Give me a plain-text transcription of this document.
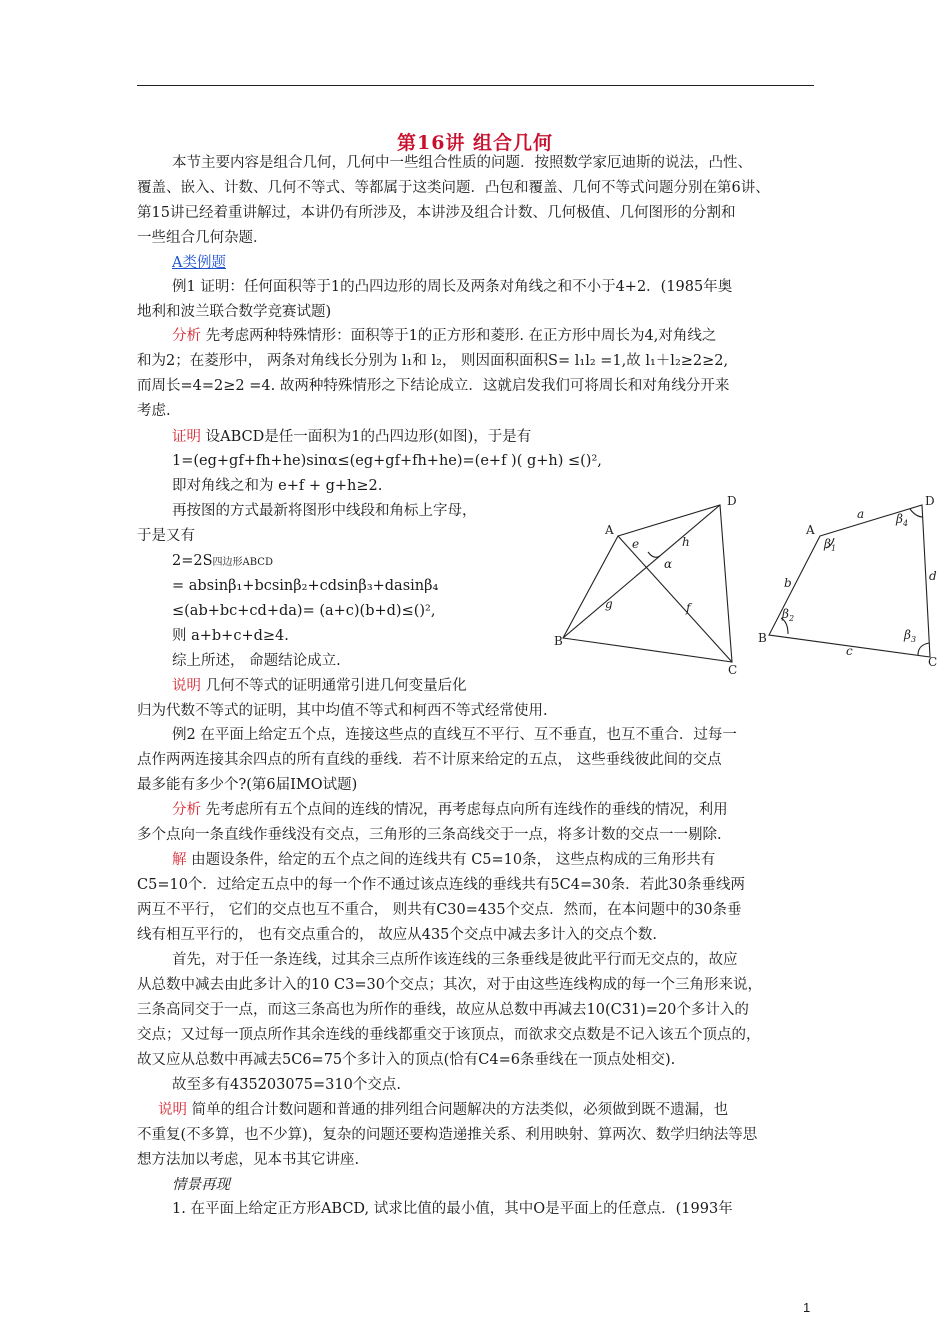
第16讲 组合几何
本节主要内容是组合几何，几何中一些组合性质的问题．按照数学家厄迪斯的说法，凸性、
覆盖、嵌入、计数、几何不等式、等都属于这类问题．凸包和覆盖、几何不等式问题分别在第6讲、
第15讲已经着重讲解过，本讲仍有所涉及，本讲涉及组合计数、几何极值、几何图形的分割和
一些组合几何杂题．
A类例题
例1 证明：任何面积等于1的凸四边形的周长及两条对角线之和不小于4+2．(1985年奥
地利和波兰联合数学竞赛试题)
分析 先考虑两种特殊情形：面积等于1的正方形和菱形. 在正方形中周长为4,对角线之
和为2；在菱形中， 两条对角线长分别为 l₁和 l₂， 则因面积面积S= l₁l₂ =1,故 l₁＋l₂≥2≥2,
而周长=4=2≥2 =4. 故两种特殊情形之下结论成立．这就启发我们可将周长和对角线分开来
考虑.
证明 设ABCD是任一面积为1的凸四边形(如图)，于是有
1=(eg+gf+fh+he)sinα≤(eg+gf+fh+he)=(e+f )( g+h) ≤()²,
即对角线之和为 e+f + g+h≥2.
再按图的方式最新将图形中线段和角标上字母，
于是又有
2=2S四边形ABCD
= absinβ₁+bcsinβ₂+cdsinβ₃+dasinβ₄
≤(ab+bc+cd+da)= (a+c)(b+d)≤()²,
则 a+b+c+d≥4.
综上所述， 命题结论成立.
说明 几何不等式的证明通常引进几何变量后化
归为代数不等式的证明，其中均值不等式和柯西不等式经常使用.
A
D
B
C
e	h
g	f
α
A
D
B
C
a
b
c
d
$\beta_1$
$\beta_2$
$\beta_3$
$\beta_4$
例2 在平面上给定五个点，连接这些点的直线互不平行、互不垂直，也互不重合．过每一
点作两两连接其余四点的所有直线的垂线．若不计原来给定的五点， 这些垂线彼此间的交点
最多能有多少个?(第6届IMO试题)
分析 先考虑所有五个点间的连线的情况，再考虑每点向所有连线作的垂线的情况，利用
多个点向一条直线作垂线没有交点，三角形的三条高线交于一点，将多计数的交点一一剔除.
解 由题设条件，给定的五个点之间的连线共有 C5=10条， 这些点构成的三角形共有
C5=10个．过给定五点中的每一个作不通过该点连线的垂线共有5C4=30条．若此30条垂线两
两互不平行， 它们的交点也互不重合， 则共有C30=435个交点．然而，在本问题中的30条垂
线有相互平行的， 也有交点重合的， 故应从435个交点中减去多计入的交点个数.
首先，对于任一条连线，过其余三点所作该连线的三条垂线是彼此平行而无交点的，故应
从总数中减去由此多计入的10 C3=30个交点；其次，对于由这些连线构成的每一个三角形来说，
三条高同交于一点，而这三条高也为所作的垂线，故应从总数中再减去10(C3̄1)=20个多计入的
交点；又过每一顶点所作其余连线的垂线都重交于该顶点，而欲求交点数是不记入该五个顶点的，
故又应从总数中再减去5C6=75个多计入的顶点(恰有C4=6条垂线在一顶点处相交).
故至多有43̄52̄03̄075=310个交点.
说明 简单的组合计数问题和普通的排列组合问题解决的方法类似，必须做到既不遗漏，也
不重复(不多算，也不少算)，复杂的问题还要构造递推关系、利用映射、算两次、数学归纳法等思
想方法加以考虑，见本书其它讲座.
情景再现
1. 在平面上给定正方形ABCD, 试求比值的最小值，其中O是平面上的任意点．(1993年
1
